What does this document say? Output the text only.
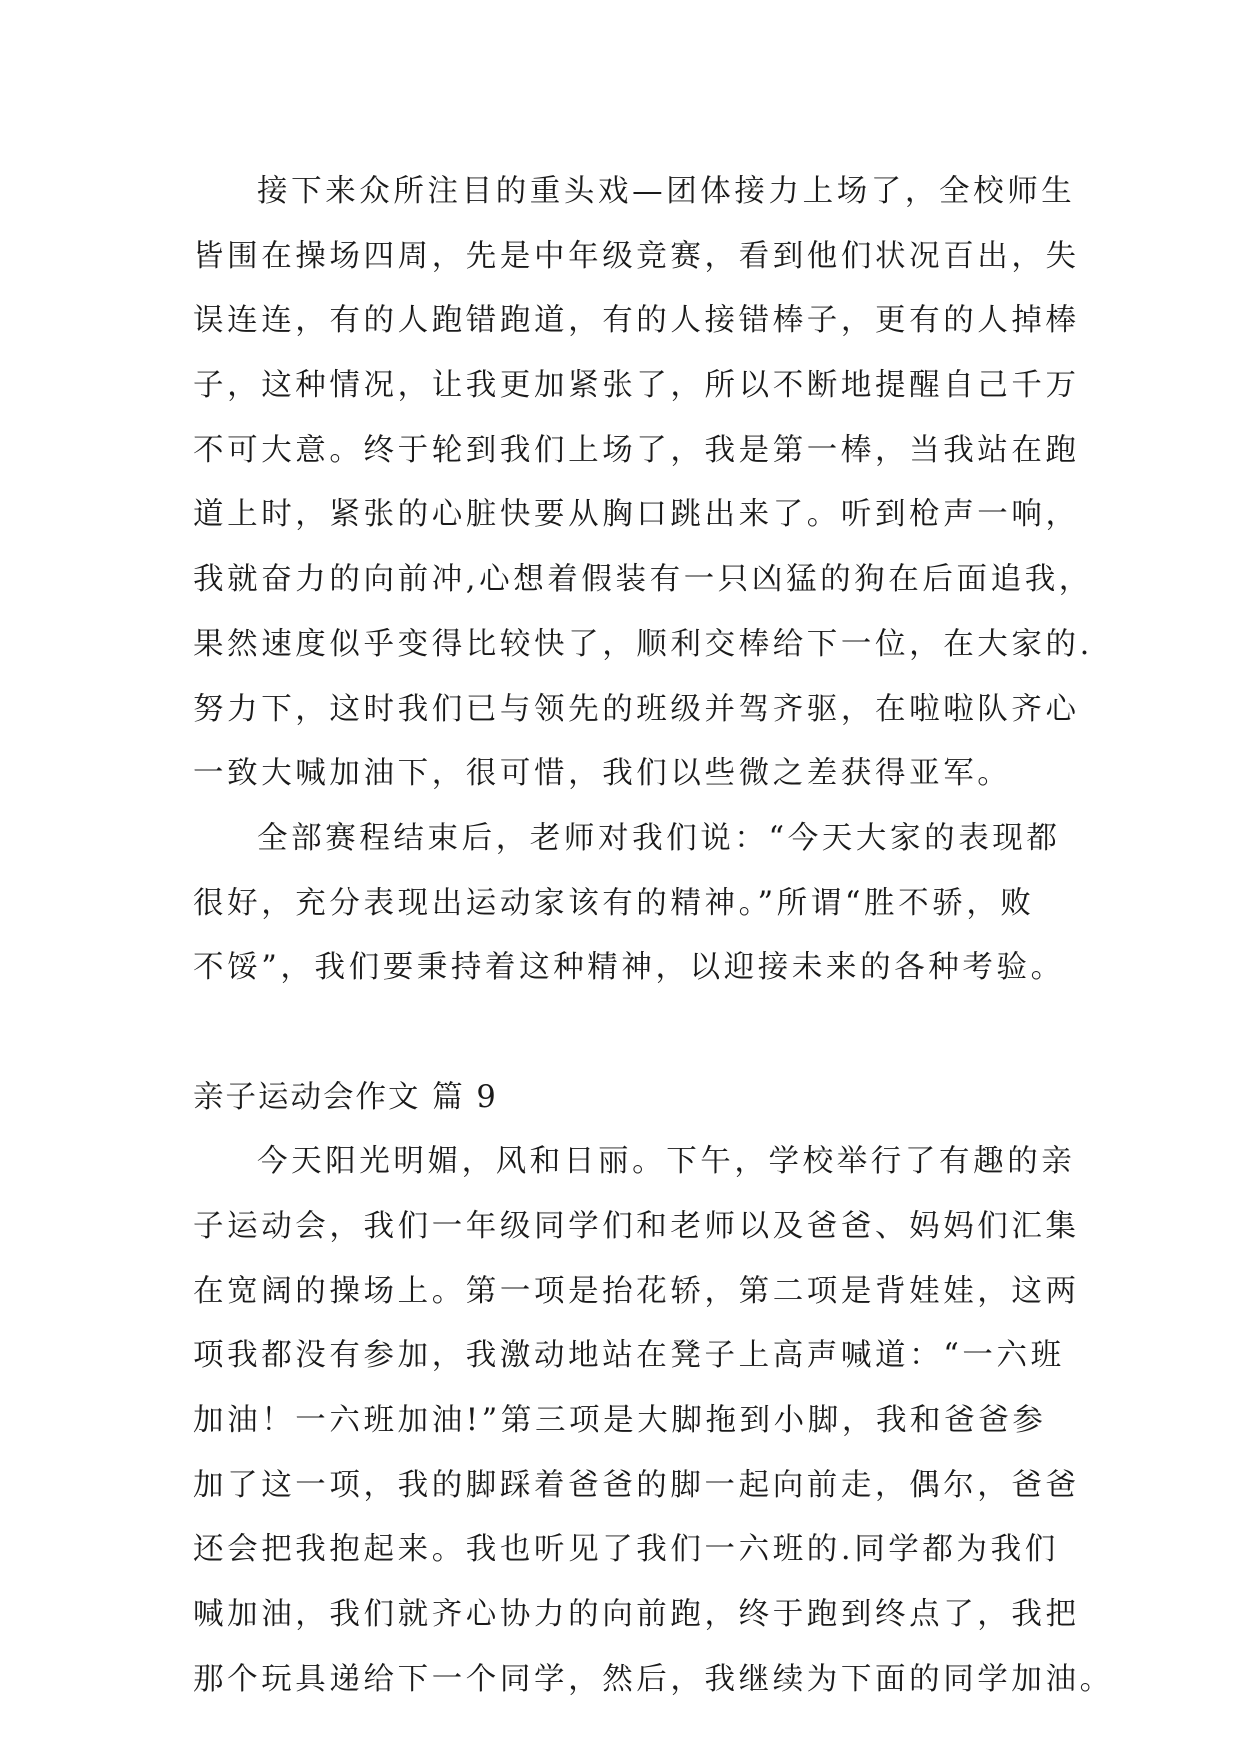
接下来众所注目的重头戏—团体接力上场了，全校师生
皆围在操场四周，先是中年级竞赛，看到他们状况百出，失
误连连，有的人跑错跑道，有的人接错棒子，更有的人掉棒
子，这种情况，让我更加紧张了，所以不断地提醒自己千万
不可大意。终于轮到我们上场了，我是第一棒，当我站在跑
道上时，紧张的心脏快要从胸口跳出来了。听到枪声一响，
我就奋力的向前冲,心想着假装有一只凶猛的狗在后面追我，
果然速度似乎变得比较快了，顺利交棒给下一位，在大家的.
努力下，这时我们已与领先的班级并驾齐驱，在啦啦队齐心
一致大喊加油下，很可惜，我们以些微之差获得亚军。
全部赛程结束后，老师对我们说：“今天大家的表现都
很好，充分表现出运动家该有的精神。”所谓“胜不骄，败
不馁”，我们要秉持着这种精神，以迎接未来的各种考验。
亲子运动会作文 篇 9
今天阳光明媚，风和日丽。下午，学校举行了有趣的亲
子运动会，我们一年级同学们和老师以及爸爸、妈妈们汇集
在宽阔的操场上。第一项是抬花轿，第二项是背娃娃，这两
项我都没有参加，我激动地站在凳子上高声喊道：“一六班
加油！一六班加油!”第三项是大脚拖到小脚，我和爸爸参
加了这一项，我的脚踩着爸爸的脚一起向前走，偶尔，爸爸
还会把我抱起来。我也听见了我们一六班的.同学都为我们
喊加油，我们就齐心协力的向前跑，终于跑到终点了，我把
那个玩具递给下一个同学，然后，我继续为下面的同学加油。
